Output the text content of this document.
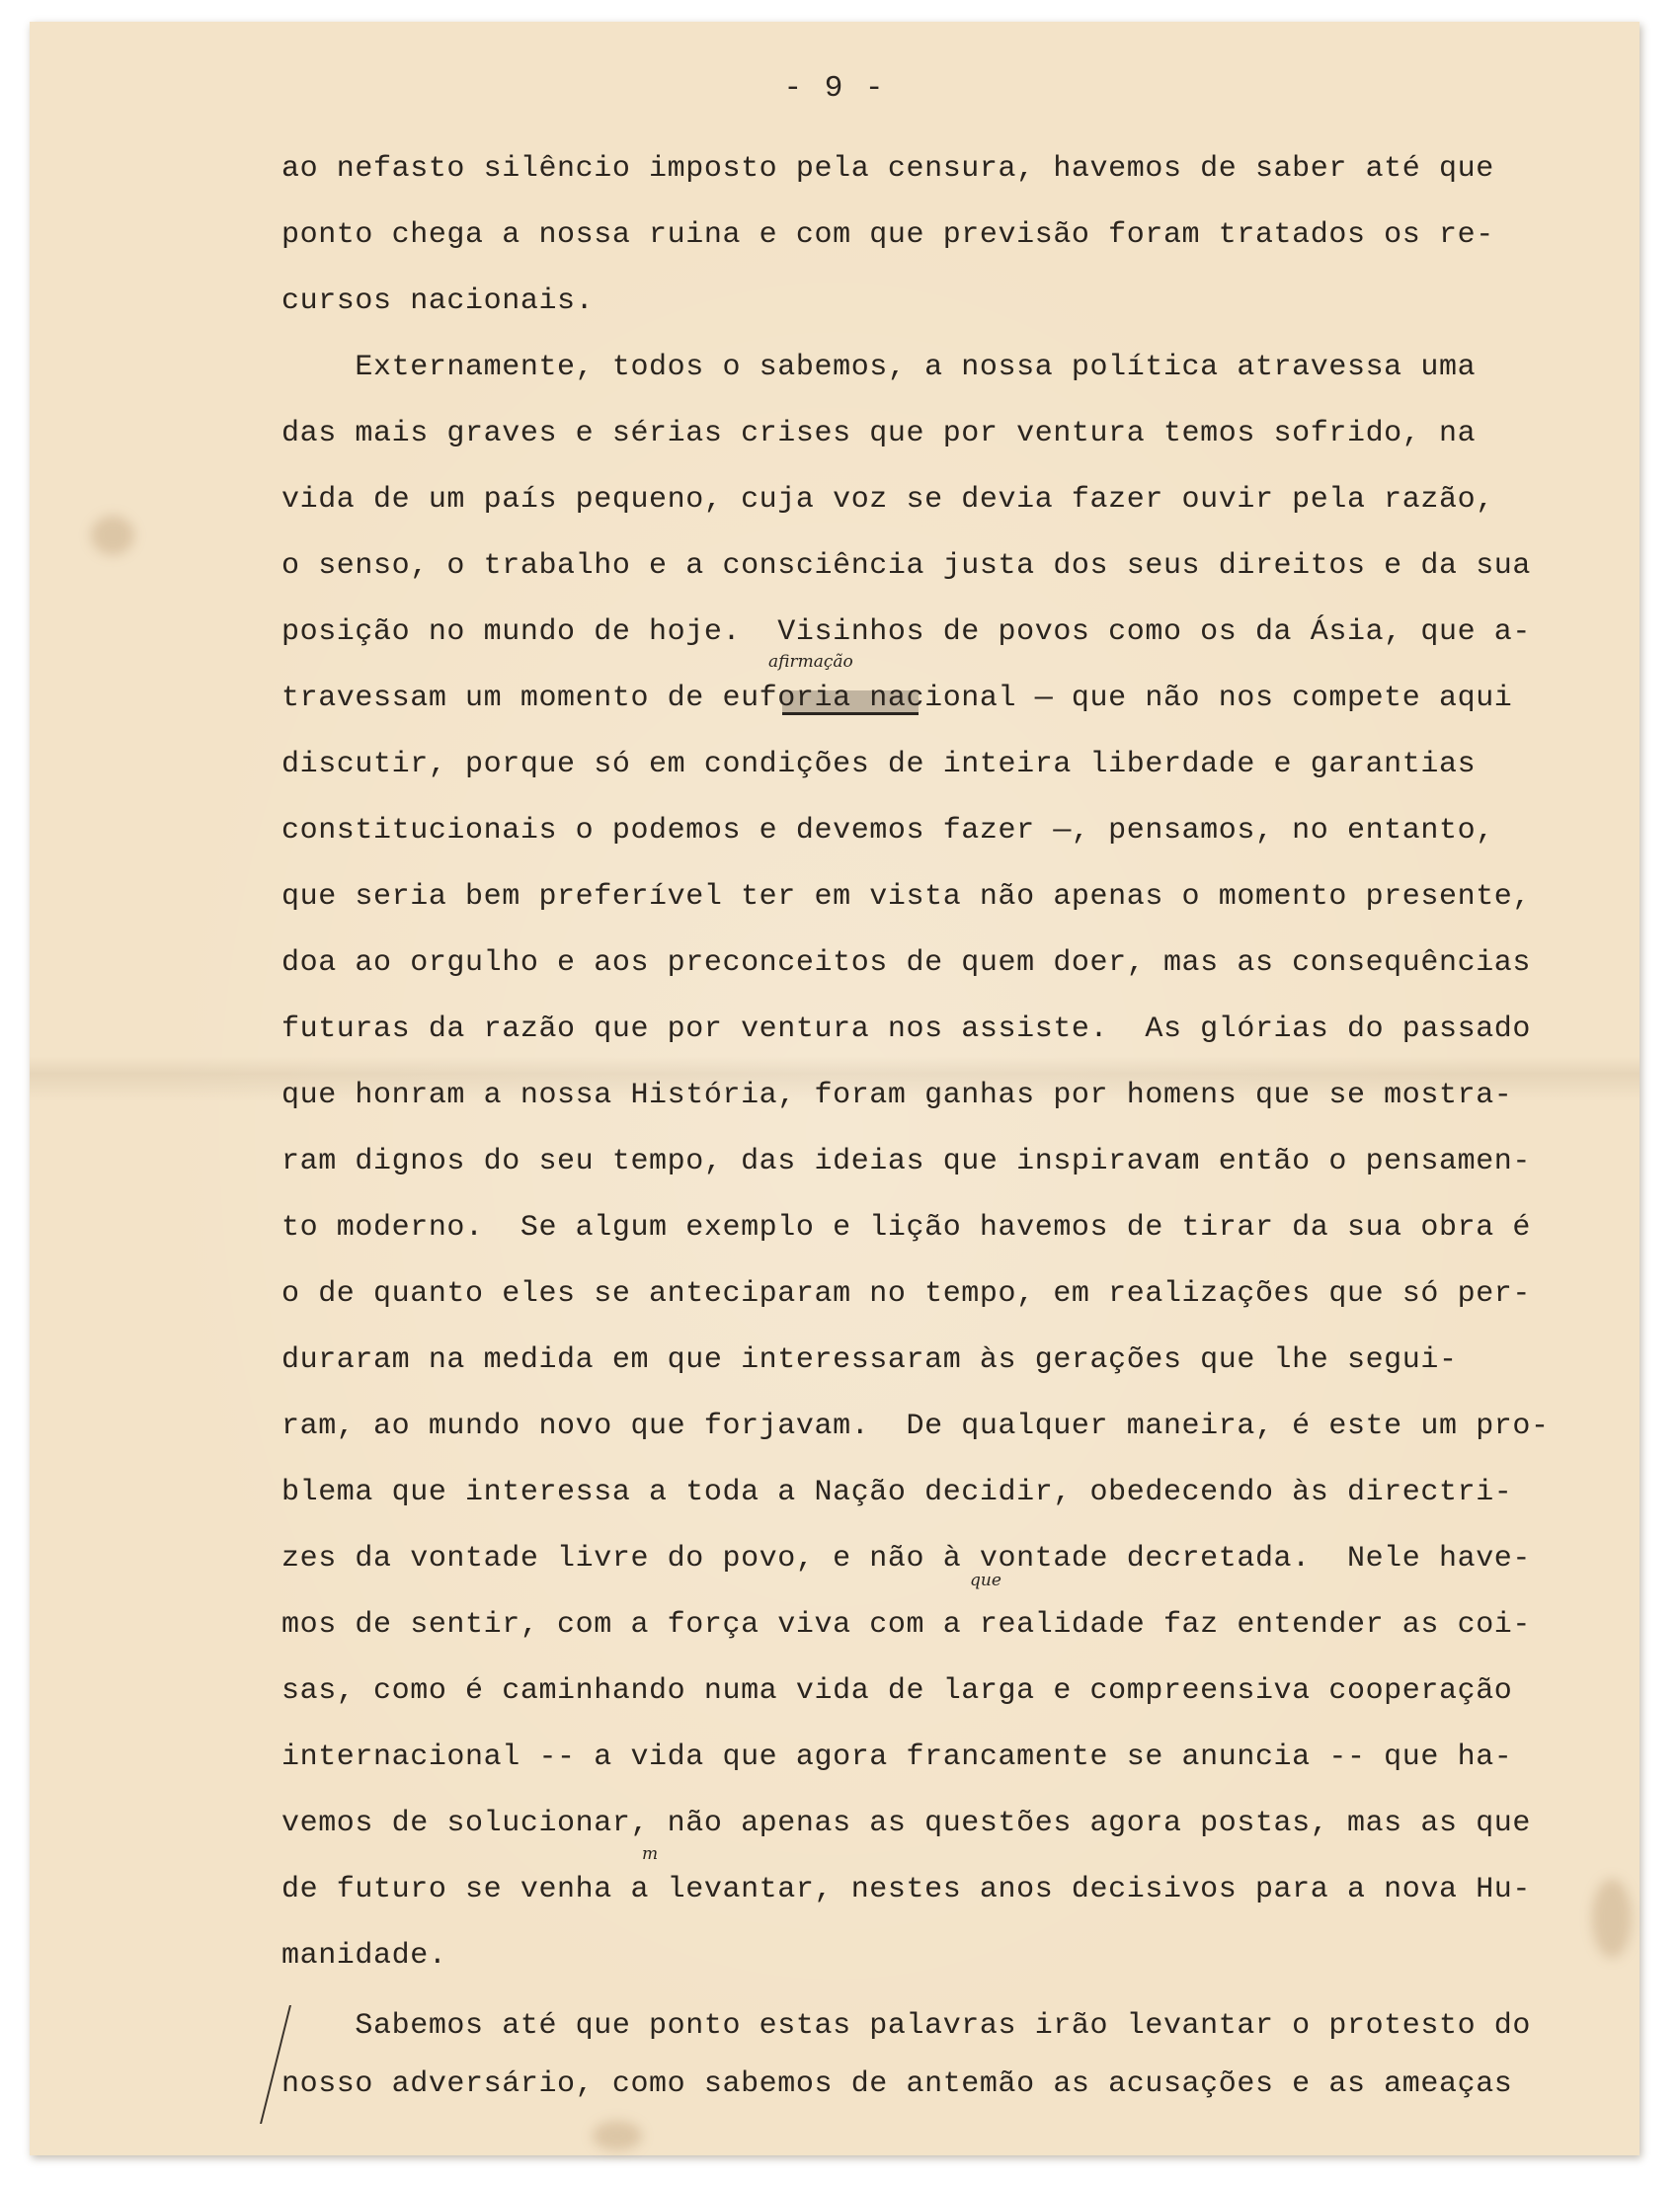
- 9 -
afirmação
que
m
ao nefasto silêncio imposto pela censura, havemos de saber até que
ponto chega a nossa ruina e com que previsão foram tratados os re-
cursos nacionais.
Externamente, todos o sabemos, a nossa política atravessa uma
das mais graves e sérias crises que por ventura temos sofrido, na
vida de um país pequeno, cuja voz se devia fazer ouvir pela razão,
o senso, o trabalho e a consciência justa dos seus direitos e da sua
posição no mundo de hoje.  Visinhos de povos como os da Ásia, que a-
travessam um momento de euforia nacional — que não nos compete aqui
discutir, porque só em condições de inteira liberdade e garantias
constitucionais o podemos e devemos fazer —, pensamos, no entanto,
que seria bem preferível ter em vista não apenas o momento presente,
doa ao orgulho e aos preconceitos de quem doer, mas as consequências
futuras da razão que por ventura nos assiste.  As glórias do passado
que honram a nossa História, foram ganhas por homens que se mostra-
ram dignos do seu tempo, das ideias que inspiravam então o pensamen-
to moderno.  Se algum exemplo e lição havemos de tirar da sua obra é
o de quanto eles se anteciparam no tempo, em realizações que só per-
duraram na medida em que interessaram às gerações que lhe segui-
ram, ao mundo novo que forjavam.  De qualquer maneira, é este um pro-
blema que interessa a toda a Nação decidir, obedecendo às directri-
zes da vontade livre do povo, e não à vontade decretada.  Nele have-
mos de sentir, com a força viva com a realidade faz entender as coi-
sas, como é caminhando numa vida de larga e compreensiva cooperação
internacional -- a vida que agora francamente se anuncia -- que ha-
vemos de solucionar, não apenas as questões agora postas, mas as que
de futuro se venha a levantar, nestes anos decisivos para a nova Hu-
manidade.
Sabemos até que ponto estas palavras irão levantar o protesto do
nosso adversário, como sabemos de antemão as acusações e as ameaças
